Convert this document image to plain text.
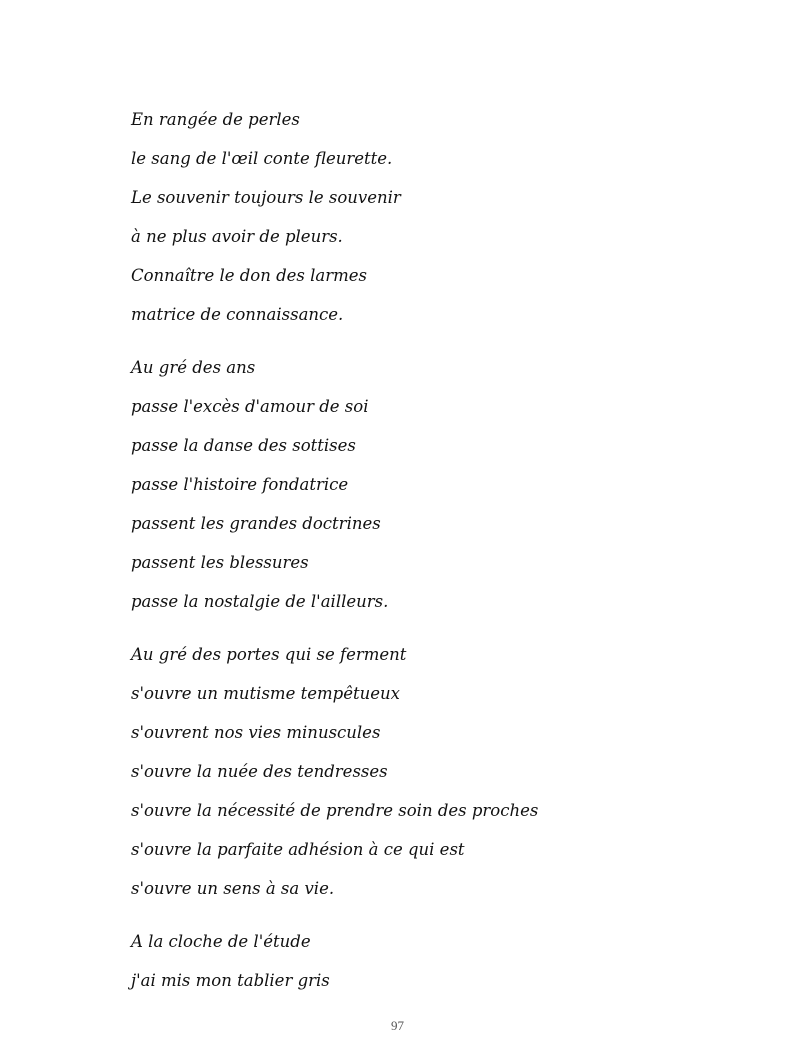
En rangée de perles
le sang de l'œil conte fleurette.
Le souvenir toujours le souvenir
à ne plus avoir de pleurs.
Connaître le don des larmes
matrice de connaissance.
Au gré des ans
passe l'excès d'amour de soi
passe la danse des sottises
passe l'histoire fondatrice
passent les grandes doctrines
passent les blessures
passe la nostalgie de l'ailleurs.
Au gré des portes qui se ferment
s'ouvre un mutisme tempêtueux
s'ouvrent nos vies minuscules
s'ouvre la nuée des tendresses
s'ouvre la nécessité de prendre soin des proches
s'ouvre la parfaite adhésion à ce qui est
s'ouvre un sens à sa vie.
A la cloche de l'étude
j'ai mis mon tablier gris
97
